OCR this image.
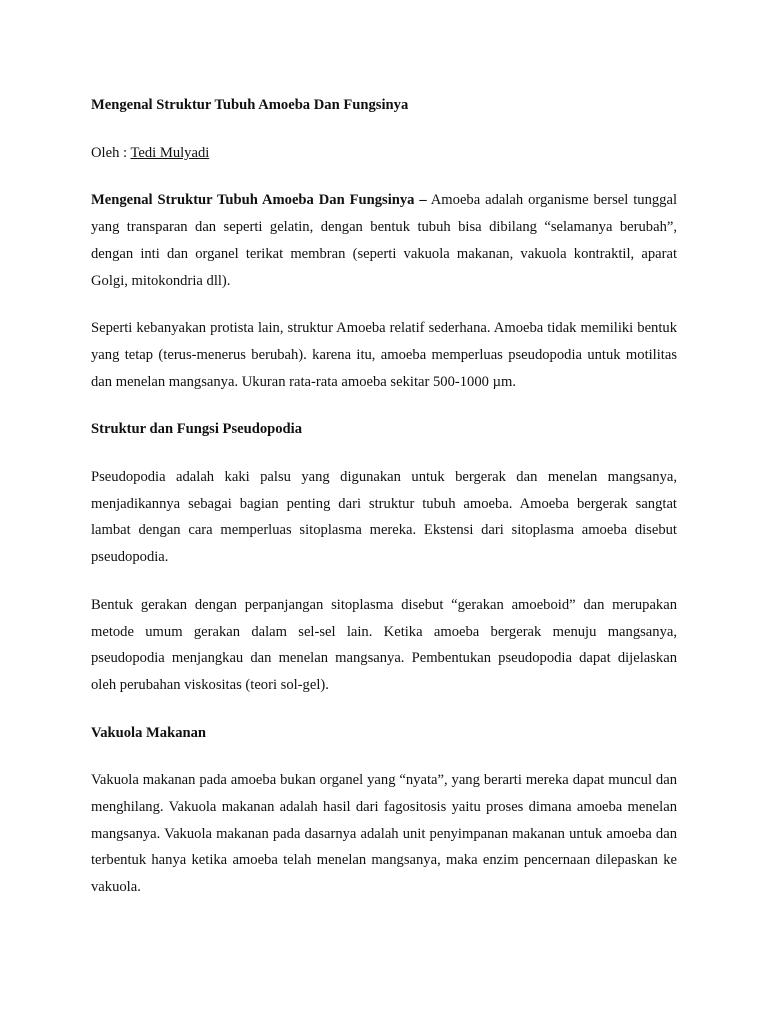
Mengenal Struktur Tubuh Amoeba Dan Fungsinya

Oleh : Tedi Mulyadi

Mengenal Struktur Tubuh Amoeba Dan Fungsinya – Amoeba adalah organisme bersel tunggal yang transparan dan seperti gelatin, dengan bentuk tubuh bisa dibilang “selamanya berubah”, dengan inti dan organel terikat membran (seperti vakuola makanan, vakuola kontraktil, aparat Golgi, mitokondria dll).

Seperti kebanyakan protista lain, struktur Amoeba relatif sederhana. Amoeba tidak memiliki bentuk yang tetap (terus-menerus berubah). karena itu, amoeba memperluas pseudopodia untuk motilitas dan menelan mangsanya. Ukuran rata-rata amoeba sekitar 500-1000 µm.

Struktur dan Fungsi Pseudopodia

Pseudopodia adalah kaki palsu yang digunakan untuk bergerak dan menelan mangsanya, menjadikannya sebagai bagian penting dari struktur tubuh amoeba. Amoeba bergerak sangtat lambat dengan cara memperluas sitoplasma mereka. Ekstensi dari sitoplasma amoeba disebut pseudopodia.

Bentuk gerakan dengan perpanjangan sitoplasma disebut “gerakan amoeboid” dan merupakan metode umum gerakan dalam sel-sel lain. Ketika amoeba bergerak menuju mangsanya, pseudopodia menjangkau dan menelan mangsanya. Pembentukan pseudopodia dapat dijelaskan oleh perubahan viskositas (teori sol-gel).

Vakuola Makanan

Vakuola makanan pada amoeba bukan organel yang “nyata”, yang berarti mereka dapat muncul dan menghilang. Vakuola makanan adalah hasil dari fagositosis yaitu proses dimana amoeba menelan mangsanya. Vakuola makanan pada dasarnya adalah unit penyimpanan makanan untuk amoeba dan terbentuk hanya ketika amoeba telah menelan mangsanya, maka enzim pencernaan dilepaskan ke vakuola.
